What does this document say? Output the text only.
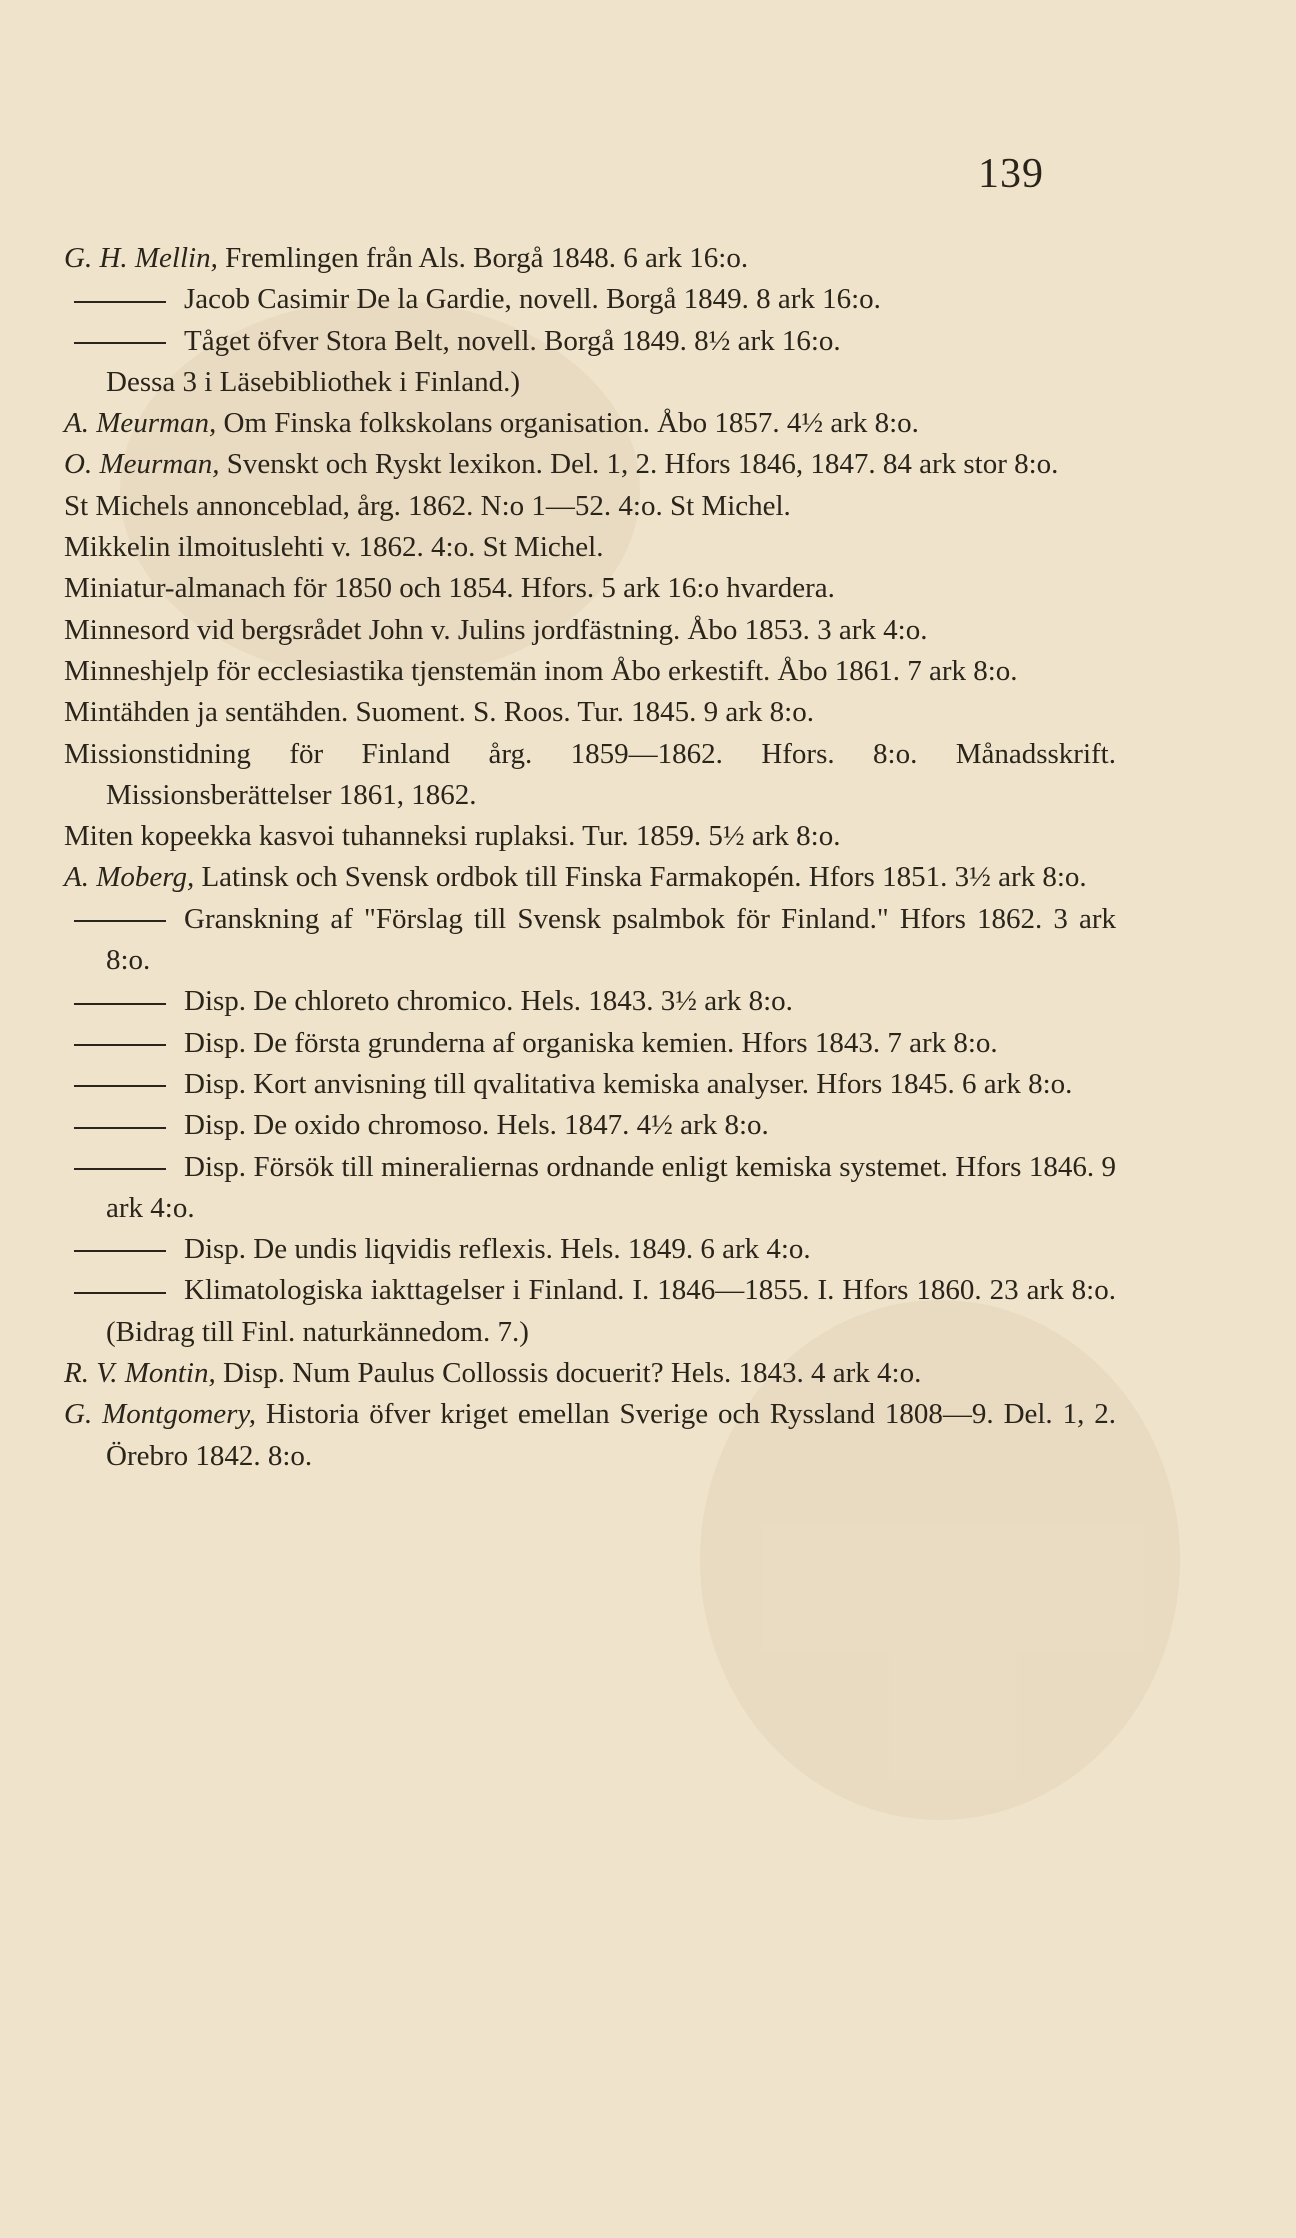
139

G. H. Mellin, Fremlingen från Als. Borgå 1848. 6 ark 16:o.

Jacob Casimir De la Gardie, novell. Borgå 1849. 8 ark 16:o.

Tåget öfver Stora Belt, novell. Borgå 1849. 8½ ark 16:o.

Dessa 3 i Läsebibliothek i Finland.)

A. Meurman, Om Finska folkskolans organisation. Åbo 1857. 4½ ark 8:o.

O. Meurman, Svenskt och Ryskt lexikon. Del. 1, 2. Hfors 1846, 1847. 84 ark stor 8:o.

St Michels annonceblad, årg. 1862. N:o 1—52. 4:o. St Michel.

Mikkelin ilmoituslehti v. 1862. 4:o. St Michel.

Miniatur-almanach för 1850 och 1854. Hfors. 5 ark 16:o hvardera.

Minnesord vid bergsrådet John v. Julins jordfästning. Åbo 1853. 3 ark 4:o.

Minneshjelp för ecclesiastika tjenstemän inom Åbo erkestift. Åbo 1861. 7 ark 8:o.

Mintähden ja sentähden. Suoment. S. Roos. Tur. 1845. 9 ark 8:o.

Missionstidning för Finland årg. 1859—1862. Hfors. 8:o. Månadsskrift. Missionsberättelser 1861, 1862.

Miten kopeekka kasvoi tuhanneksi ruplaksi. Tur. 1859. 5½ ark 8:o.

A. Moberg, Latinsk och Svensk ordbok till Finska Farmakopén. Hfors 1851. 3½ ark 8:o.

Granskning af "Förslag till Svensk psalmbok för Finland." Hfors 1862. 3 ark 8:o.

Disp. De chloreto chromico. Hels. 1843. 3½ ark 8:o.

Disp. De första grunderna af organiska kemien. Hfors 1843. 7 ark 8:o.

Disp. Kort anvisning till qvalitativa kemiska analyser. Hfors 1845. 6 ark 8:o.

Disp. De oxido chromoso. Hels. 1847. 4½ ark 8:o.

Disp. Försök till mineraliernas ordnande enligt kemiska systemet. Hfors 1846. 9 ark 4:o.

Disp. De undis liqvidis reflexis. Hels. 1849. 6 ark 4:o.

Klimatologiska iakttagelser i Finland. I. 1846—1855. I. Hfors 1860. 23 ark 8:o. (Bidrag till Finl. naturkännedom. 7.)

R. V. Montin, Disp. Num Paulus Collossis docuerit? Hels. 1843. 4 ark 4:o.

G. Montgomery, Historia öfver kriget emellan Sverige och Ryssland 1808—9. Del. 1, 2. Örebro 1842. 8:o.
